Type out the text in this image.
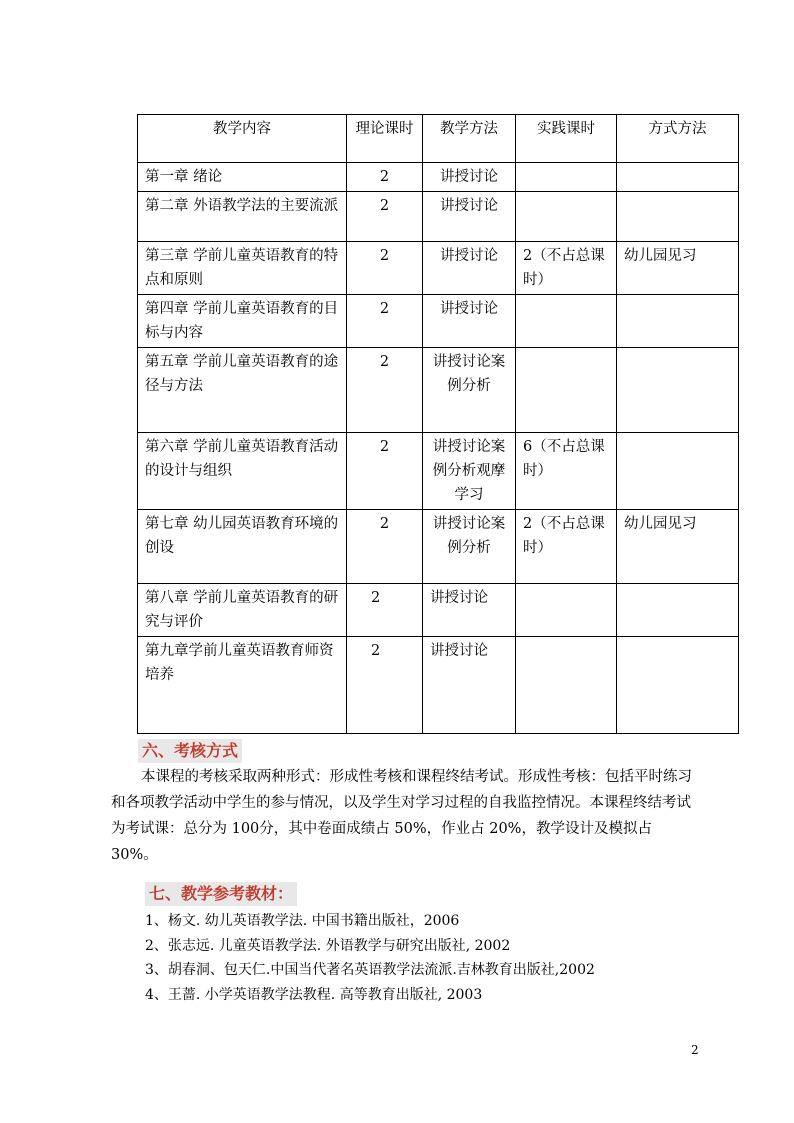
教学内容	理论课时	教学方法	实践课时	方式方法
第一章 绪论	2	讲授讨论		
第二章 外语教学法的主要流派	2	讲授讨论		
第三章 学前儿童英语教育的特点和原则	2	讲授讨论	2（不占总课时）	幼儿园见习
第四章 学前儿童英语教育的目标与内容	2	讲授讨论		
第五章 学前儿童英语教育的途径与方法	2	讲授讨论案例分析		
第六章 学前儿童英语教育活动的设计与组织	2	讲授讨论案例分析观摩学习	6（不占总课时）	
第七章 幼儿园英语教育环境的创设	2	讲授讨论案例分析	2（不占总课时）	幼儿园见习
第八章 学前儿童英语教育的研究与评价	2	讲授讨论		
第九章学前儿童英语教育师资培养	2	讲授讨论		
六、考核方式
本课程的考核采取两种形式：形成性考核和课程终结考试。形成性考核：包括平时练习和各项教学活动中学生的参与情况，以及学生对学习过程的自我监控情况。本课程终结考试为考试课：总分为 100分，其中卷面成绩占 50%，作业占 20%，教学设计及模拟占 30%。
七、教学参考教材：
1、杨文. 幼儿英语教学法. 中国书籍出版社，2006
2、张志远. 儿童英语教学法. 外语教学与研究出版社, 2002
3、胡春洞、包天仁.中国当代著名英语教学法流派.吉林教育出版社,2002
4、王蔷. 小学英语教学法教程. 高等教育出版社, 2003
2
